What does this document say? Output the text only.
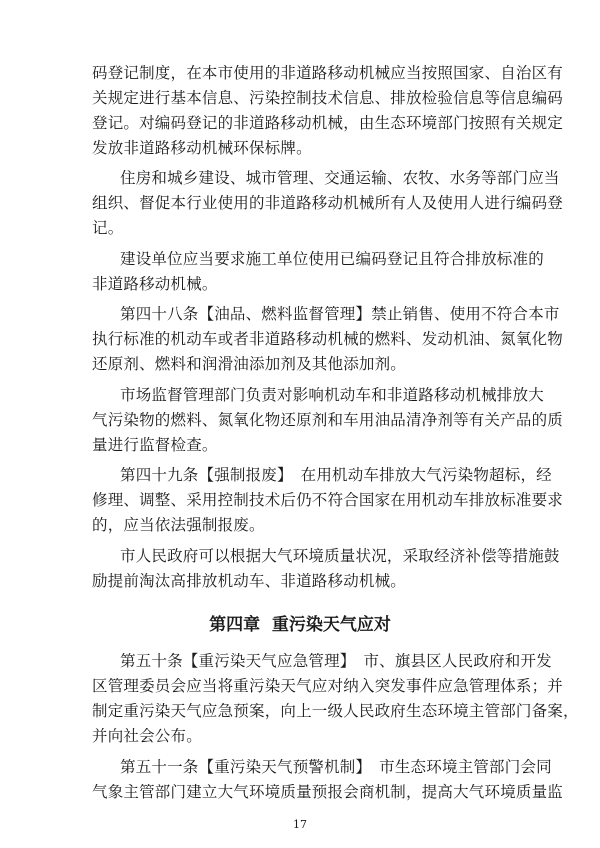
码登记制度，在本市使用的非道路移动机械应当按照国家、自治区有
关规定进行基本信息、污染控制技术信息、排放检验信息等信息编码
登记。对编码登记的非道路移动机械，由生态环境部门按照有关规定
发放非道路移动机械环保标牌。
住房和城乡建设、城市管理、交通运输、农牧、水务等部门应当
组织、督促本行业使用的非道路移动机械所有人及使用人进行编码登
记。
建设单位应当要求施工单位使用已编码登记且符合排放标准的
非道路移动机械。
第四十八条【油品、燃料监督管理】禁止销售、使用不符合本市
执行标准的机动车或者非道路移动机械的燃料、发动机油、氮氧化物
还原剂、燃料和润滑油添加剂及其他添加剂。
市场监督管理部门负责对影响机动车和非道路移动机械排放大
气污染物的燃料、氮氧化物还原剂和车用油品清净剂等有关产品的质
量进行监督检查。
第四十九条【强制报废】　在用机动车排放大气污染物超标，经
修理、调整、采用控制技术后仍不符合国家在用机动车排放标准要求
的，应当依法强制报废。
市人民政府可以根据大气环境质量状况，采取经济补偿等措施鼓
励提前淘汰高排放机动车、非道路移动机械。
第四章  重污染天气应对
第五十条【重污染天气应急管理】　市、旗县区人民政府和开发
区管理委员会应当将重污染天气应对纳入突发事件应急管理体系；并
制定重污染天气应急预案，向上一级人民政府生态环境主管部门备案，
并向社会公布。
第五十一条【重污染天气预警机制】　市生态环境主管部门会同
气象主管部门建立大气环境质量预报会商机制，提高大气环境质量监
17
